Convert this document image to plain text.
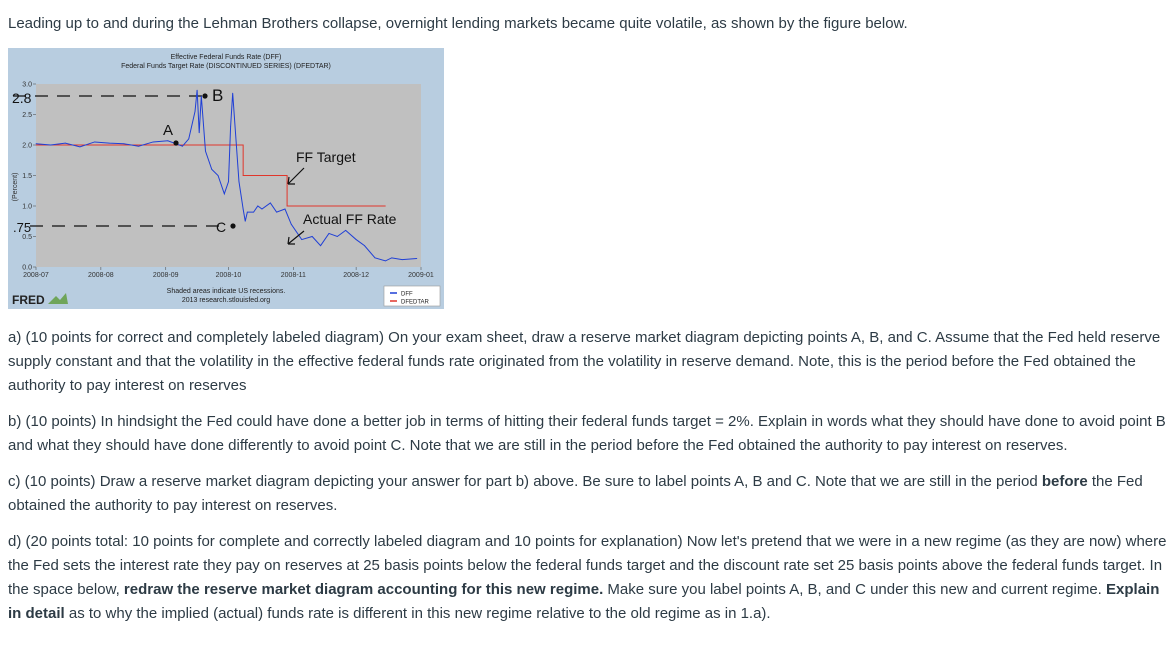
Leading up to and during the Lehman Brothers collapse, overnight lending markets became quite volatile, as shown by the figure below.
Effective Federal Funds Rate (DFF)
Federal Funds Target Rate (DISCONTINUED SERIES) (DFEDTAR)
(Percent)
0.0
0.5
1.0
1.5
2.0
2.5
3.0
2008-07	2008-08	2008-09	2008-10	2008-11	2008-12	2009-01
2.8
.75
A
B
C
FF Target
Actual FF Rate
Shaded areas indicate US recessions.
2013 research.stlouisfed.org
FRED	DFF
DFEDTAR

a) (10 points for correct and completely labeled diagram) On your exam sheet, draw a reserve market diagram depicting points A, B, and C. Assume that the Fed held reserve supply constant and that the volatility in the effective federal funds rate originated from the volatility in reserve demand. Note, this is the period before the Fed obtained the authority to pay interest on reserves

b) (10 points) In hindsight the Fed could have done a better job in terms of hitting their federal funds target = 2%. Explain in words what they should have done to avoid point B and what they should have done differently to avoid point C. Note that we are still in the period before the Fed obtained the authority to pay interest on reserves.

c) (10 points) Draw a reserve market diagram depicting your answer for part b) above. Be sure to label points A, B and C. Note that we are still in the period before the Fed obtained the authority to pay interest on reserves.

d) (20 points total: 10 points for complete and correctly labeled diagram and 10 points for explanation) Now let's pretend that we were in a new regime (as they are now) where the Fed sets the interest rate they pay on reserves at 25 basis points below the federal funds target and the discount rate set 25 basis points above the federal funds target. In the space below, redraw the reserve market diagram accounting for this new regime. Make sure you label points A, B, and C under this new and current regime. Explain in detail as to why the implied (actual) funds rate is different in this new regime relative to the old regime as in 1.a).
